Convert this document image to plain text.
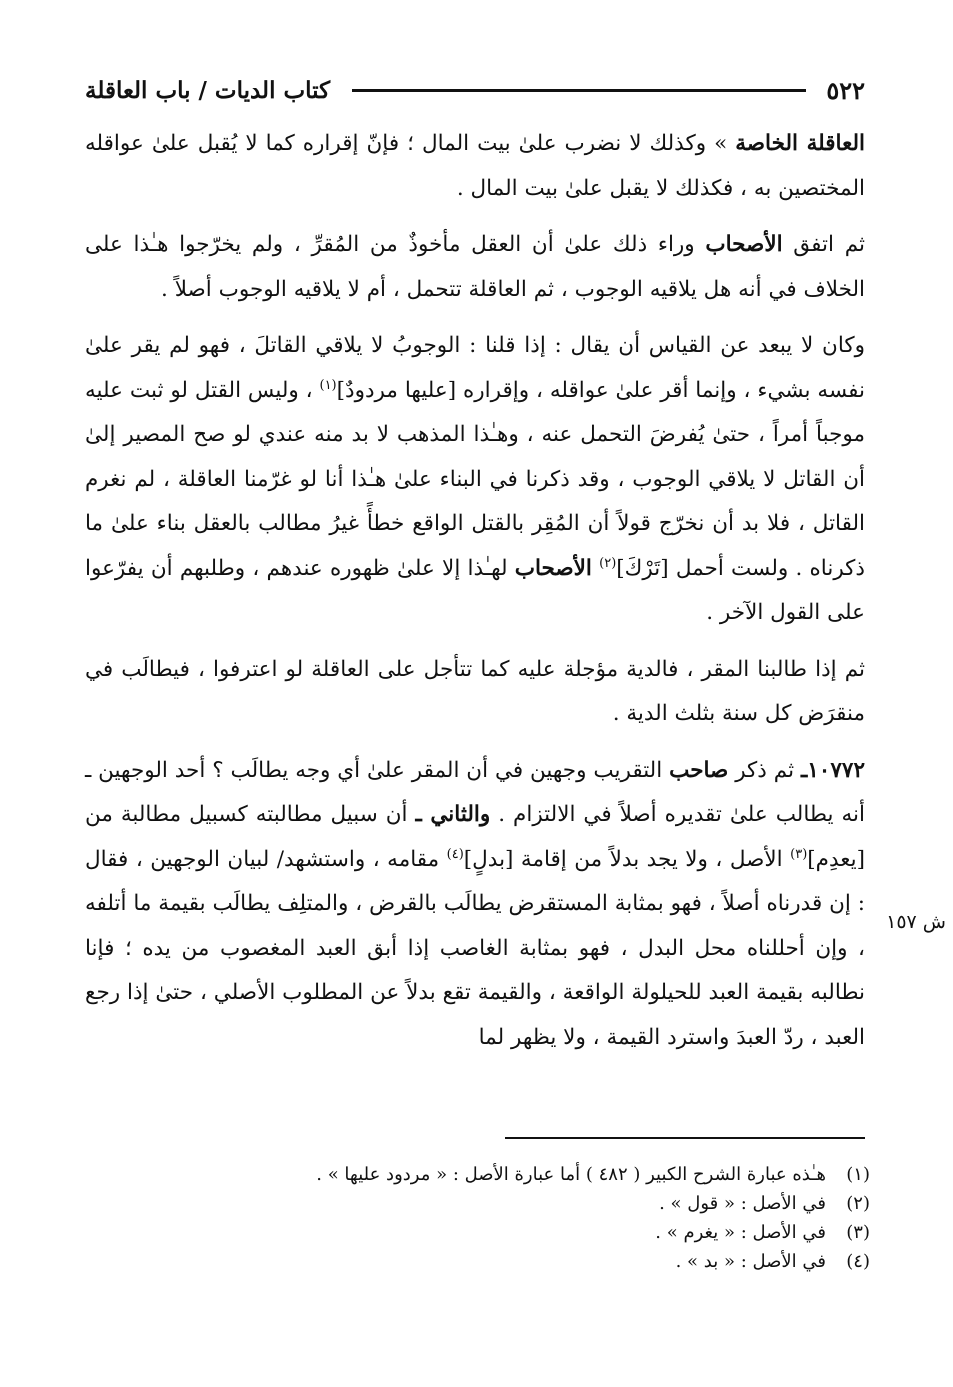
٥٢٢
كتاب الديات / باب العاقلة

العاقلة الخاصة » وكذلك لا نضرب علىٰ بيت المال ؛ فإنّ إقراره كما لا يُقبل علىٰ عواقله المختصين به ، فكذلك لا يقبل علىٰ بيت المال .

ثم اتفق الأصحاب وراء ذلك علىٰ أن العقل مأخوذٌ من المُقرِّ ، ولم يخرّجوا هـٰذا على الخلاف في أنه هل يلاقيه الوجوب ، ثم العاقلة تتحمل ، أم لا يلاقيه الوجوب أصلاً .

وكان لا يبعد عن القياس أن يقال : إذا قلنا : الوجوبُ لا يلاقي القاتلَ ، فهو لم يقر علىٰ نفسه بشيء ، وإنما أقر علىٰ عواقله ، وإقراره [عليها مردودٌ]$^{(١)}$ ، وليس القتل لو ثبت عليه موجباً أمراً ، حتىٰ يُفرضَ التحمل عنه ، وهـٰذا المذهب لا بد منه عندي لو صح المصير إلىٰ أن القاتل لا يلاقي الوجوب ، وقد ذكرنا في البناء علىٰ هـٰذا أنا لو غرّمنا العاقلة ، لم نغرم القاتل ، فلا بد أن نخرّج قولاً أن المُقِر بالقتل الواقع خطأً غيرُ مطالب بالعقل بناء علىٰ ما ذكرناه . ولست أحمل [تَرْكَ]$^{(٢)}$ الأصحاب لهـٰذا إلا علىٰ ظهوره عندهم ، وطلبهم أن يفرّعوا على القول الآخر .

ثم إذا طالبنا المقر ، فالدية مؤجلة عليه كما تتأجل على العاقلة لو اعترفوا ، فيطالَب في منقرَض كل سنة بثلث الدية .

١٠٧٧٢ـ ثم ذكر صاحب التقريب وجهين في أن المقر علىٰ أي وجه يطالَب ؟ أحد الوجهين ـ أنه يطالب علىٰ تقديره أصلاً في الالتزام . والثاني ـ أن سبيل مطالبته كسبيل مطالبة من [يعدِم]$^{(٣)}$ الأصل ، ولا يجد بدلاً من إقامة [بدلٍ]$^{(٤)}$ مقامه ، واستشهد/ لبيان الوجهين ، فقال : إن قدرناه أصلاً ، فهو بمثابة المستقرض يطالَب بالقرض ، والمتلِف يطالَب بقيمة ما أتلفه ، وإن أحللناه محل البدل ، فهو بمثابة الغاصب إذا أبق العبد المغصوب من يده ؛ فإنا نطالبه بقيمة العبد للحيلولة الواقعة ، والقيمة تقع بدلاً عن المطلوب الأصلي ، حتىٰ إذا رجع العبد ، ردّ العبدَ واسترد القيمة ، ولا يظهر لما

ش ١٥٧
(١)
هـٰذه عبارة الشرح الكبير ( ٤٨٢ ) أما عبارة الأصل : « مردود عليها » .
(٢)
في الأصل : « قول » .
(٣)
في الأصل : « يغرم » .
(٤)
في الأصل : « بد » .
